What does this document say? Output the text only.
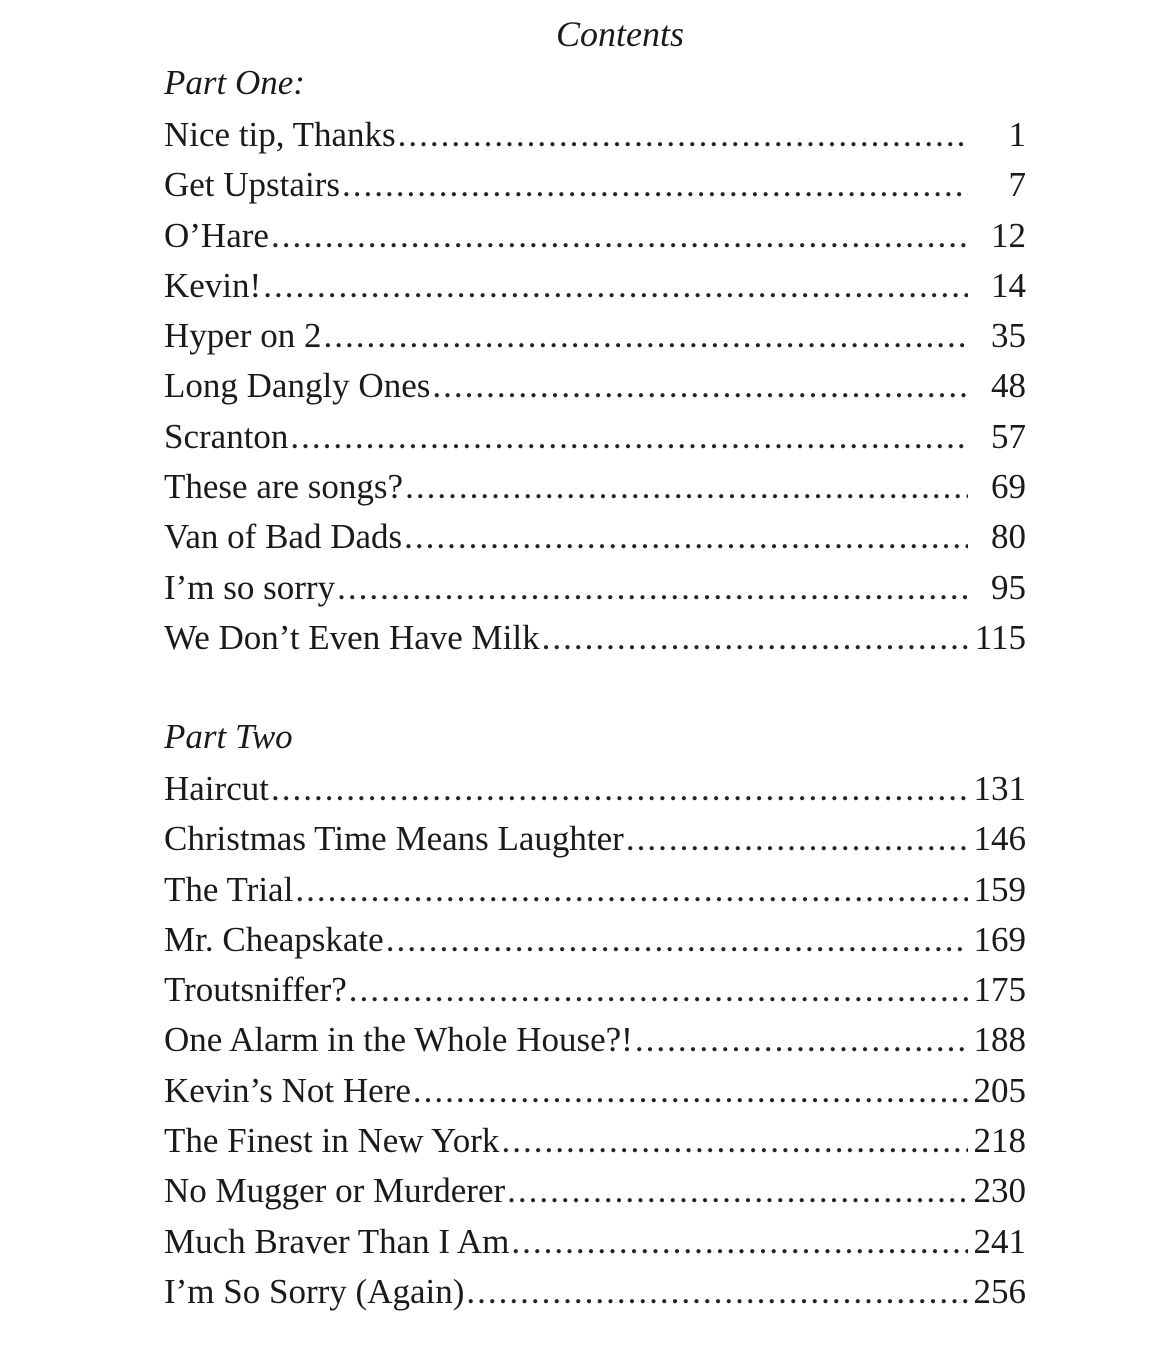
Contents
Part One:
Nice tip, Thanks .....	1
Get Upstairs .....	7
O’Hare .....	12
Kevin! .....	14
Hyper on 2 .....	35
Long Dangly Ones .....	48
Scranton .....	57
These are songs? .....	69
Van of Bad Dads .....	80
I’m so sorry .....	95
We Don’t Even Have Milk .....	115
Part Two
Haircut .....	131
Christmas Time Means Laughter .....	146
The Trial .....	159
Mr. Cheapskate .....	169
Troutsniffer? .....	175
One Alarm in the Whole House?! .....	188
Kevin’s Not Here .....	205
The Finest in New York .....	218
No Mugger or Murderer .....	230
Much Braver Than I Am .....	241
I’m So Sorry (Again) .....	256
